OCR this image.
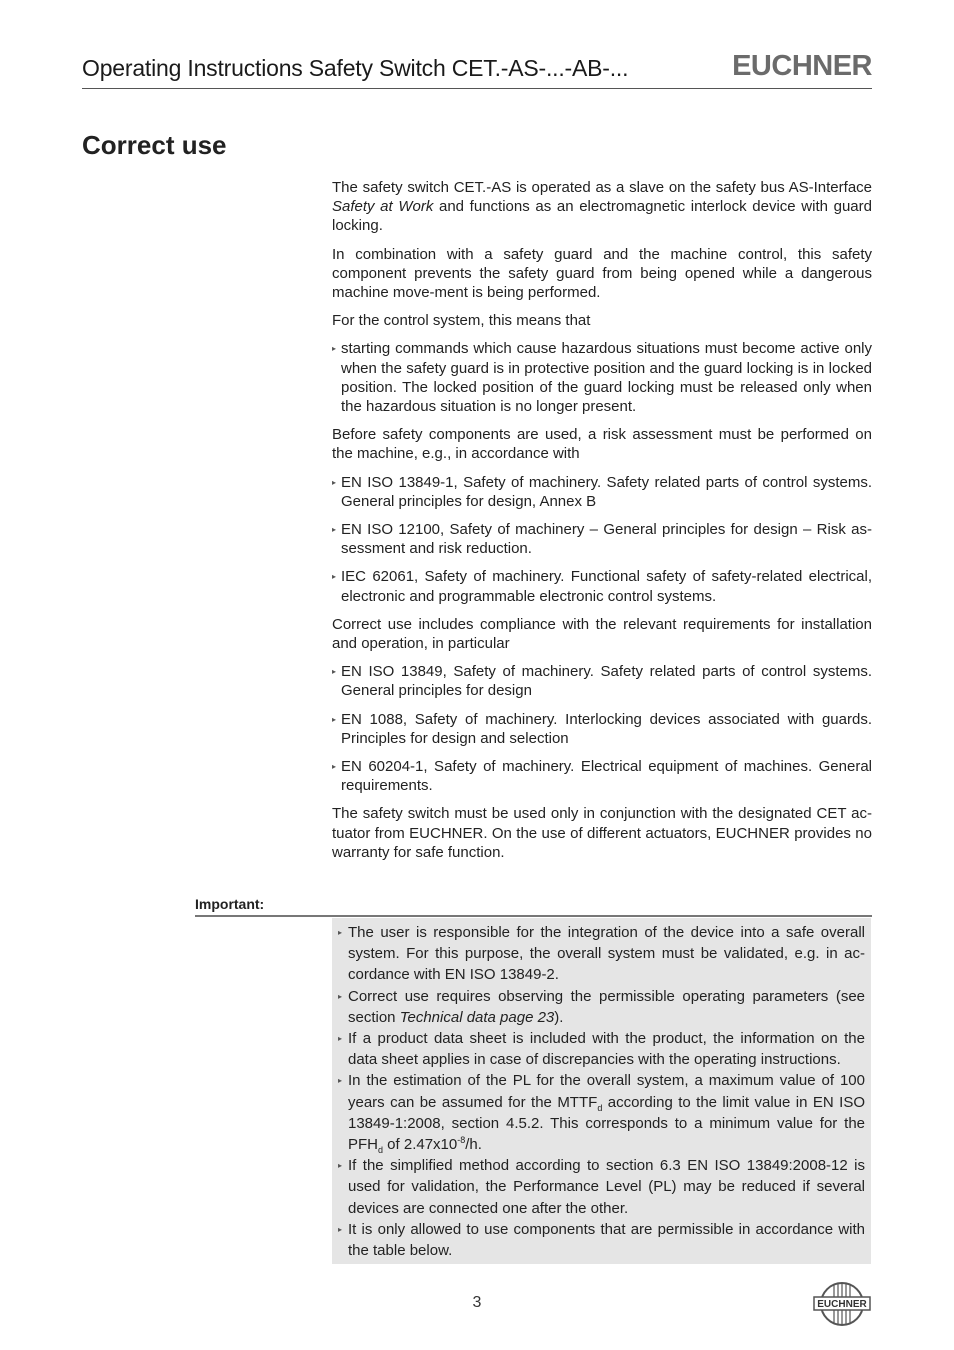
Operating Instructions Safety Switch CET.-AS-...-AB-...	EUCHNER
Correct use

The safety switch CET.-AS is operated as a slave on the safety bus AS-Interface Safety at Work and functions as an electromagnetic interlock device with guard locking.

In combination with a safety guard and the machine control, this safety component prevents the safety guard from being opened while a dangerous machine move-ment is being performed.

For the control system, this means that

▸ starting commands which cause hazardous situations must become active only when the safety guard is in protective position and the guard locking is in locked position. The locked position of the guard locking must be released only when the hazardous situation is no longer present.

Before safety components are used, a risk assessment must be performed on the machine, e.g., in accordance with

▸ EN ISO 13849-1, Safety of machinery. Safety related parts of control systems. General principles for design, Annex B
▸ EN ISO 12100, Safety of machinery – General principles for design – Risk as-sessment and risk reduction.
▸ IEC 62061, Safety of machinery. Functional safety of safety-related electrical, electronic and programmable electronic control systems.

Correct use includes compliance with the relevant requirements for installation and operation, in particular

▸ EN ISO 13849, Safety of machinery. Safety related parts of control systems. General principles for design
▸ EN 1088, Safety of machinery. Interlocking devices associated with guards. Principles for design and selection
▸ EN 60204-1, Safety of machinery. Electrical equipment of machines. General requirements.

The safety switch must be used only in conjunction with the designated CET ac-tuator from EUCHNER. On the use of different actuators, EUCHNER provides no warranty for safe function.

Important:
▸ The user is responsible for the integration of the device into a safe overall system. For this purpose, the overall system must be validated, e.g. in ac-cordance with EN ISO 13849-2.
▸ Correct use requires observing the permissible operating parameters (see section Technical data page 23).
▸ If a product data sheet is included with the product, the information on the data sheet applies in case of discrepancies with the operating instructions.
▸ In the estimation of the PL for the overall system, a maximum value of 100 years can be assumed for the $MTTF_d$ according to the limit value in EN ISO 13849-1:2008, section 4.5.2. This corresponds to a minimum value for the $PFH_d$ of $2.47x10^{-8}/h$.
▸ If the simplified method according to section 6.3 EN ISO 13849:2008-12 is used for validation, the Performance Level (PL) may be reduced if several devices are connected one after the other.
▸ It is only allowed to use components that are permissible in accordance with the table below.
3	EUCHNER
